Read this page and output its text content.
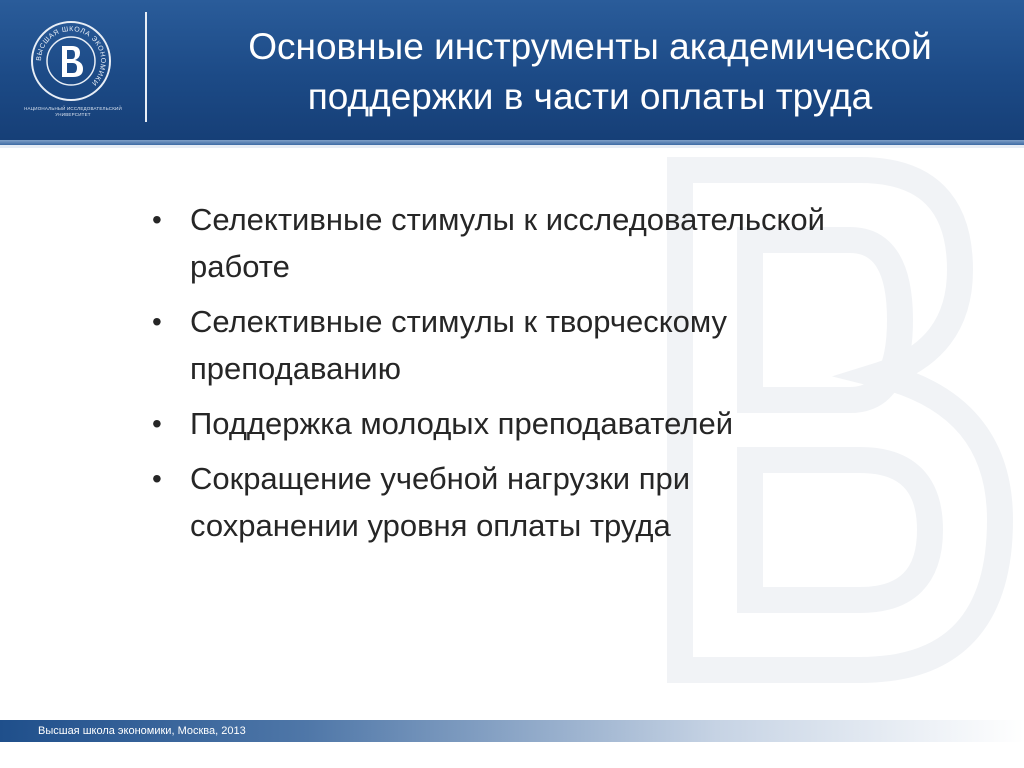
ВЫСШАЯ ШКОЛА ЭКОНОМИКИ
НАЦИОНАЛЬНЫЙ ИССЛЕДОВАТЕЛЬСКИЙ
УНИВЕРСИТЕТ
Основные инструменты академической
поддержки в части оплаты труда
• Селективные стимулы к исследовательской
работе
• Селективные стимулы к творческому
преподаванию
• Поддержка молодых преподавателей
• Сокращение учебной нагрузки при
сохранении уровня оплаты труда
Высшая школа экономики, Москва, 2013
